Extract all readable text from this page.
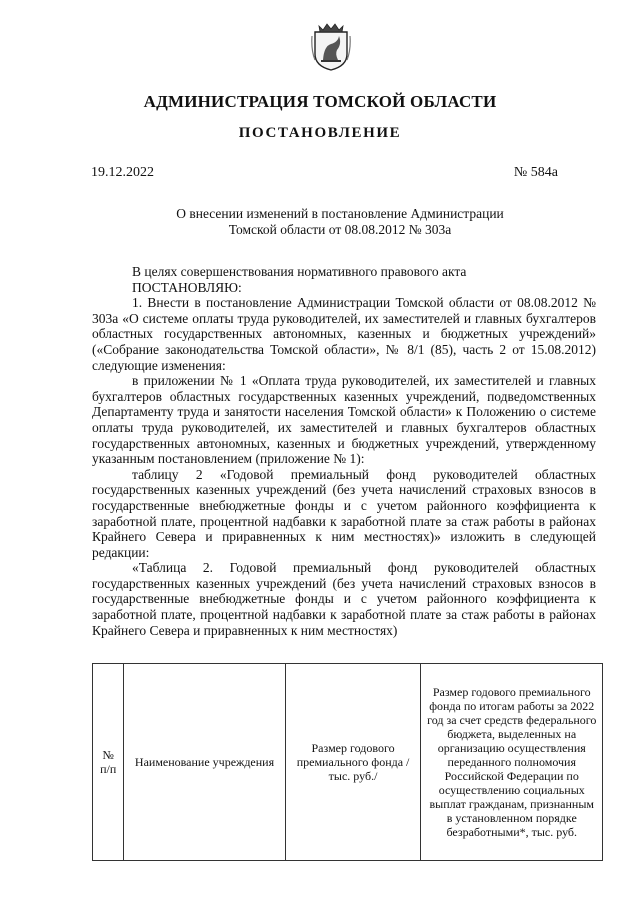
АДМИНИСТРАЦИЯ ТОМСКОЙ ОБЛАСТИ
ПОСТАНОВЛЕНИЕ
19.12.2022	№ 584а
О внесении изменений в постановление Администрации
Томской области от 08.08.2012 № 303а

В целях совершенствования нормативного правового акта

ПОСТАНОВЛЯЮ:

1. Внести в постановление Администрации Томской области от 08.08.2012 № 303а «О системе оплаты труда руководителей, их заместителей и главных бухгалтеров областных государственных автономных, казенных и бюджетных учреждений» («Собрание законодательства Томской области», № 8/1 (85), часть 2 от 15.08.2012) следующие изменения:

в приложении № 1 «Оплата труда руководителей, их заместителей и главных бухгалтеров областных государственных казенных учреждений, подведомственных Департаменту труда и занятости населения Томской области» к Положению о системе оплаты труда руководителей, их заместителей и главных бухгалтеров областных государственных автономных, казенных и бюджетных учреждений, утвержденному указанным постановлением (приложение № 1):

таблицу 2 «Годовой премиальный фонд руководителей областных государственных казенных учреждений (без учета начислений страховых взносов в государственные внебюджетные фонды и с учетом районного коэффициента к заработной плате, процентной надбавки к заработной плате за стаж работы в районах Крайнего Севера и приравненных к ним местностях)» изложить в следующей редакции:

«Таблица 2. Годовой премиальный фонд руководителей областных государственных казенных учреждений (без учета начислений страховых взносов в государственные внебюджетные фонды и с учетом районного коэффициента к заработной плате, процентной надбавки к заработной плате за стаж работы в районах Крайнего Севера и приравненных к ним местностях)

№ п/п	Наименование учреждения	Размер годового премиального фонда /тыс. руб./	Размер годового премиального фонда по итогам работы за 2022 год за счет средств федерального бюджета, выделенных на организацию осуществления переданного полномочия Российской Федерации по осуществлению социальных выплат гражданам, признанным в установленном порядке безработными*, тыс. руб.
